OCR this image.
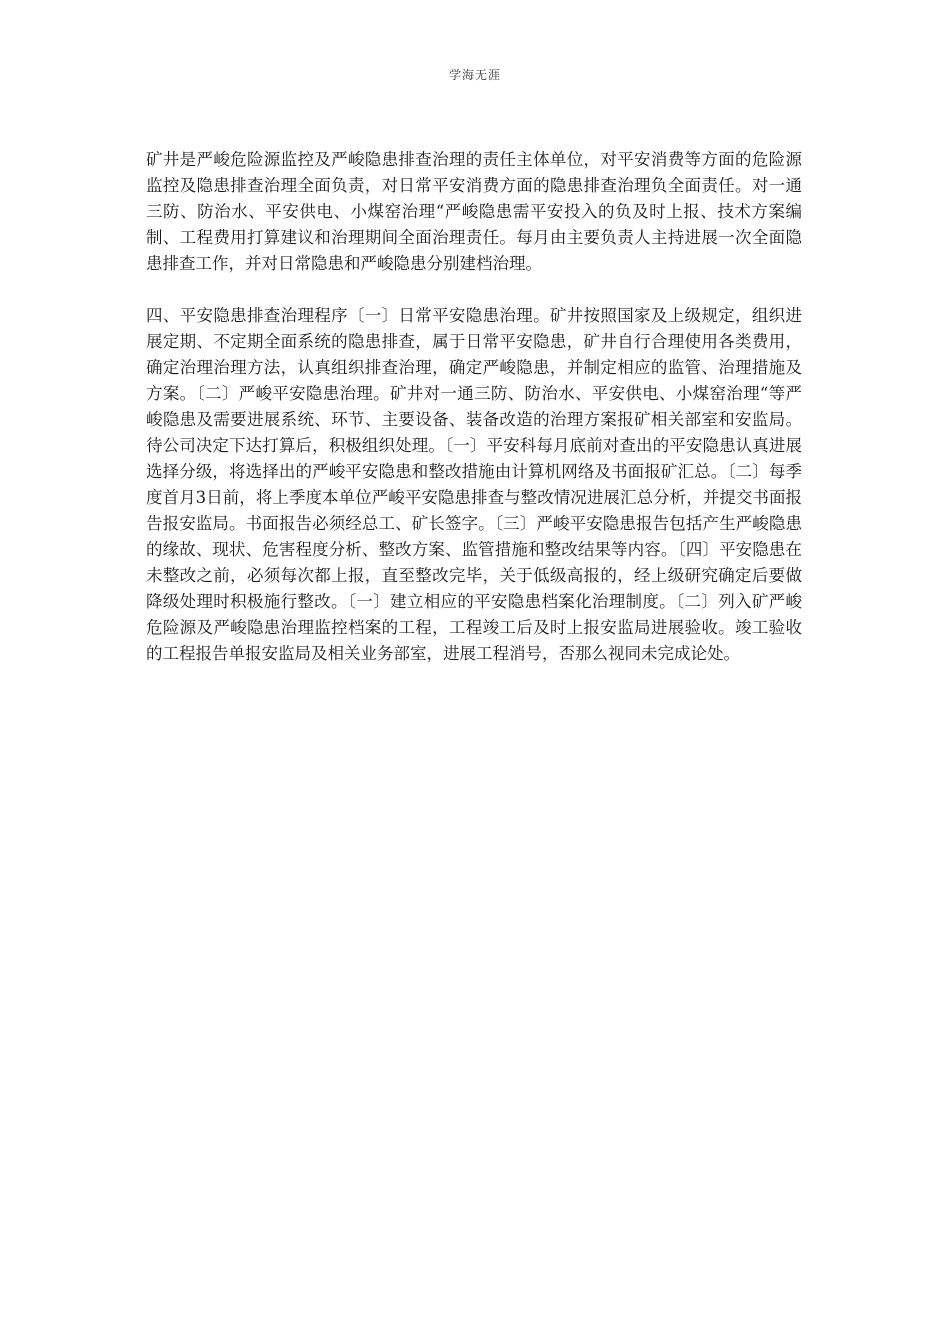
学海无涯

矿井是严峻危险源监控及严峻隐患排查治理的责任主体单位，对平安消费等方面的危险源监控及隐患排查治理全面负责，对日常平安消费方面的隐患排查治理负全面责任。对一通三防、防治水、平安供电、小煤窑治理“严峻隐患需平安投入的负及时上报、技术方案编制、工程费用打算建议和治理期间全面治理责任。每月由主要负责人主持进展一次全面隐患排查工作，并对日常隐患和严峻隐患分别建档治理。

四、平安隐患排查治理程序〔一〕日常平安隐患治理。矿井按照国家及上级规定，组织进展定期、不定期全面系统的隐患排查，属于日常平安隐患，矿井自行合理使用各类费用，确定治理治理方法，认真组织排查治理，确定严峻隐患，并制定相应的监管、治理措施及方案。〔二〕严峻平安隐患治理。矿井对一通三防、防治水、平安供电、小煤窑治理“等严峻隐患及需要进展系统、环节、主要设备、装备改造的治理方案报矿相关部室和安监局。待公司决定下达打算后，积极组织处理。〔一〕平安科每月底前对查出的平安隐患认真进展选择分级，将选择出的严峻平安隐患和整改措施由计算机网络及书面报矿汇总。〔二〕每季度首月3日前，将上季度本单位严峻平安隐患排查与整改情况进展汇总分析，并提交书面报告报安监局。书面报告必须经总工、矿长签字。〔三〕严峻平安隐患报告包括产生严峻隐患的缘故、现状、危害程度分析、整改方案、监管措施和整改结果等内容。〔四〕平安隐患在未整改之前，必须每次都上报，直至整改完毕，关于低级高报的，经上级研究确定后要做降级处理时积极施行整改。〔一〕建立相应的平安隐患档案化治理制度。〔二〕列入矿严峻危险源及严峻隐患治理监控档案的工程，工程竣工后及时上报安监局进展验收。竣工验收的工程报告单报安监局及相关业务部室，进展工程消号，否那么视同未完成论处。
